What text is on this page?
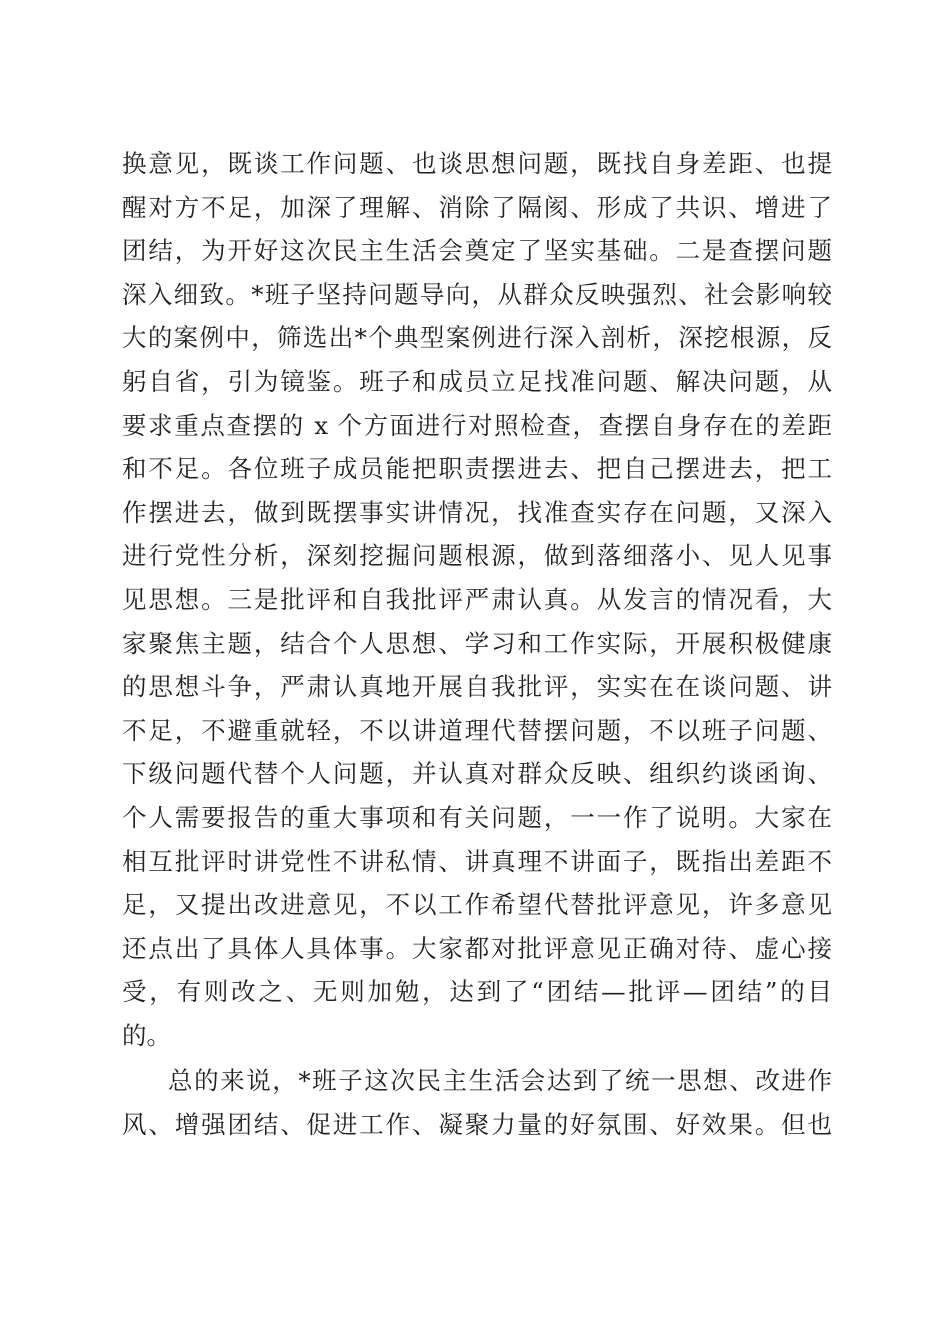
换意见，既谈工作问题、也谈思想问题，既找自身差距、也提
醒对方不足，加深了理解、消除了隔阂、形成了共识、增进了
团结，为开好这次民主生活会奠定了坚实基础。二是查摆问题
深入细致。*班子坚持问题导向，从群众反映强烈、社会影响较
大的案例中，筛选出*个典型案例进行深入剖析，深挖根源，反
躬自省，引为镜鉴。班子和成员立足找准问题、解决问题，从
要求重点查摆的 x 个方面进行对照检查，查摆自身存在的差距
和不足。各位班子成员能把职责摆进去、把自己摆进去，把工
作摆进去，做到既摆事实讲情况，找准查实存在问题，又深入
进行党性分析，深刻挖掘问题根源，做到落细落小、见人见事
见思想。三是批评和自我批评严肃认真。从发言的情况看，大
家聚焦主题，结合个人思想、学习和工作实际，开展积极健康
的思想斗争，严肃认真地开展自我批评，实实在在谈问题、讲
不足，不避重就轻，不以讲道理代替摆问题，不以班子问题、
下级问题代替个人问题，并认真对群众反映、组织约谈函询、
个人需要报告的重大事项和有关问题，一一作了说明。大家在
相互批评时讲党性不讲私情、讲真理不讲面子，既指出差距不
足，又提出改进意见，不以工作希望代替批评意见，许多意见
还点出了具体人具体事。大家都对批评意见正确对待、虚心接
受，有则改之、无则加勉，达到了“团结—批评—团结”的目
的。
总的来说，*班子这次民主生活会达到了统一思想、改进作
风、增强团结、促进工作、凝聚力量的好氛围、好效果。但也
